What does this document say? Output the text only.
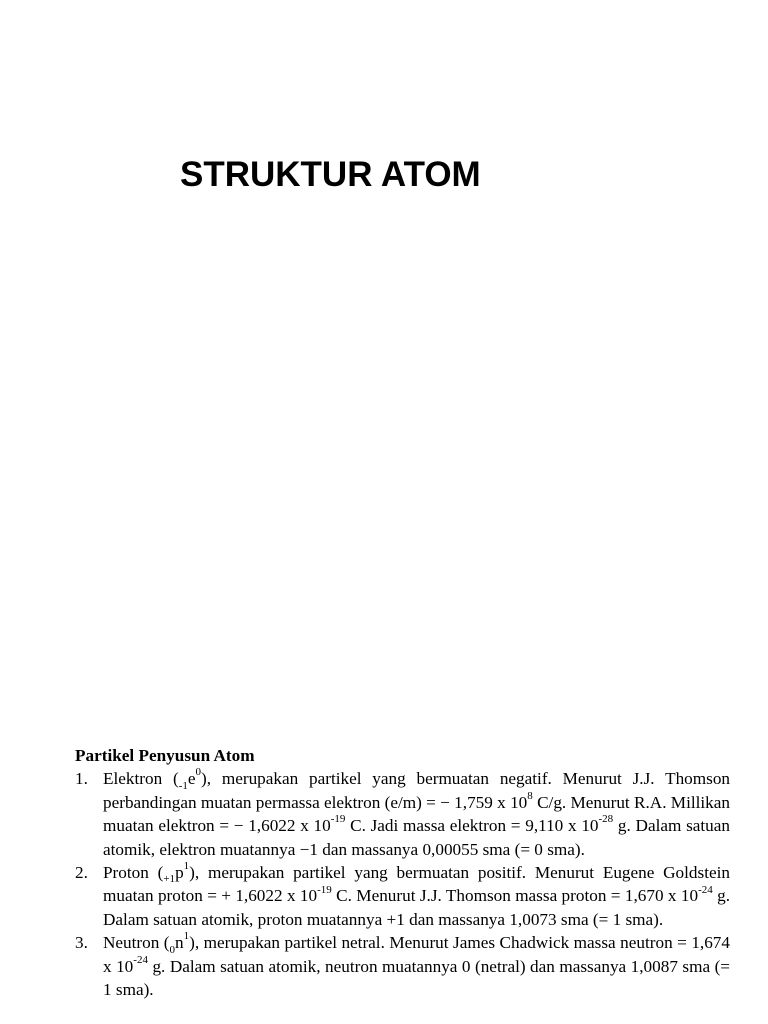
STRUKTUR ATOM

Partikel Penyusun Atom

1. Elektron $(_{-1}e^0)$, merupakan partikel yang bermuatan negatif. Menurut J.J. Thomson perbandingan muatan permassa elektron (e/m) = − 1,759 x $10^8$ C/g. Menurut R.A. Millikan muatan elektron = − 1,6022 x $10^{-19}$ C. Jadi massa elektron = 9,110 x $10^{-28}$ g. Dalam satuan atomik, elektron muatannya −1 dan massanya 0,00055 sma (= 0 sma).
2. Proton $(_{+1}p^1)$, merupakan partikel yang bermuatan positif. Menurut Eugene Goldstein muatan proton = + 1,6022 x $10^{-19}$ C. Menurut J.J. Thomson massa proton = 1,670 x $10^{-24}$ g. Dalam satuan atomik, proton muatannya +1 dan massanya 1,0073 sma (= 1 sma).
3. Neutron $(_0n^1)$, merupakan partikel netral. Menurut James Chadwick massa neutron = 1,674 x $10^{-24}$ g. Dalam satuan atomik, neutron muatannya 0 (netral) dan massanya 1,0087 sma (= 1 sma).
